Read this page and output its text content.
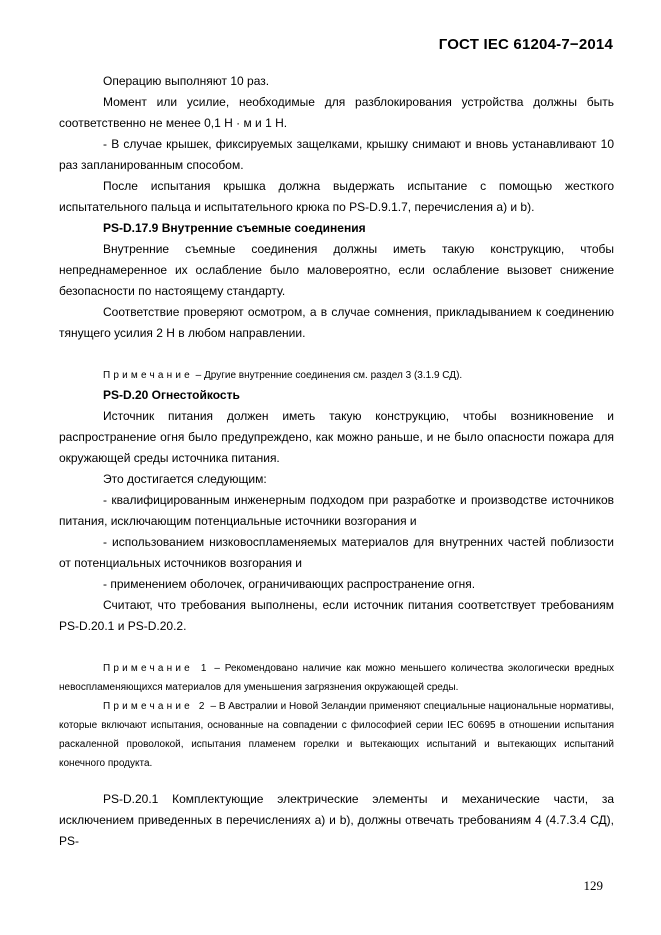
ГОСТ IEC 61204-7−2014

Операцию выполняют 10 раз.

Момент или усилие, необходимые для разблокирования устройства должны быть соответственно не менее 0,1 Н · м и 1 Н.

- В случае крышек, фиксируемых защелками, крышку снимают и вновь устанавливают 10 раз запланированным способом.

После испытания крышка должна выдержать испытание с помощью жесткого испытательного пальца и испытательного крюка по PS-D.9.1.7, перечисления а) и b).

PS-D.17.9 Внутренние съемные соединения

Внутренние съемные соединения должны иметь такую конструкцию, чтобы непреднамеренное их ослабление было маловероятно, если ослабление вызовет снижение безопасности по настоящему стандарту.

Соответствие проверяют осмотром, а в случае сомнения, прикладыванием к соединению тянущего усилия 2 Н в любом направлении.

Примечание – Другие внутренние соединения см. раздел 3 (3.1.9 СД).

PS-D.20 Огнестойкость

Источник питания должен иметь такую конструкцию, чтобы возникновение и распространение огня было предупреждено, как можно раньше, и не было опасности пожара для окружающей среды источника питания.

Это достигается следующим:

- квалифицированным инженерным подходом при разработке и производстве источников питания, исключающим потенциальные источники возгорания и

- использованием низковоспламеняемых материалов для внутренних частей поблизости от потенциальных источников возгорания и

- применением оболочек, ограничивающих распространение огня.

Считают, что требования выполнены, если источник питания соответствует требованиям PS-D.20.1 и PS-D.20.2.

Примечание 1 – Рекомендовано наличие как можно меньшего количества экологически вредных невоспламеняющихся материалов для уменьшения загрязнения окружающей среды.

Примечание 2 – В Австралии и Новой Зеландии применяют специальные национальные нормативы, которые включают испытания, основанные на совпадении с философией серии IEC 60695 в отношении испытания раскаленной проволокой, испытания пламенем горелки и вытекающих испытаний и вытекающих испытаний конечного продукта.

PS-D.20.1 Комплектующие электрические элементы и механические части, за исключением приведенных в перечислениях а) и b), должны отвечать требованиям 4 (4.7.3.4 СД), PS-

129
